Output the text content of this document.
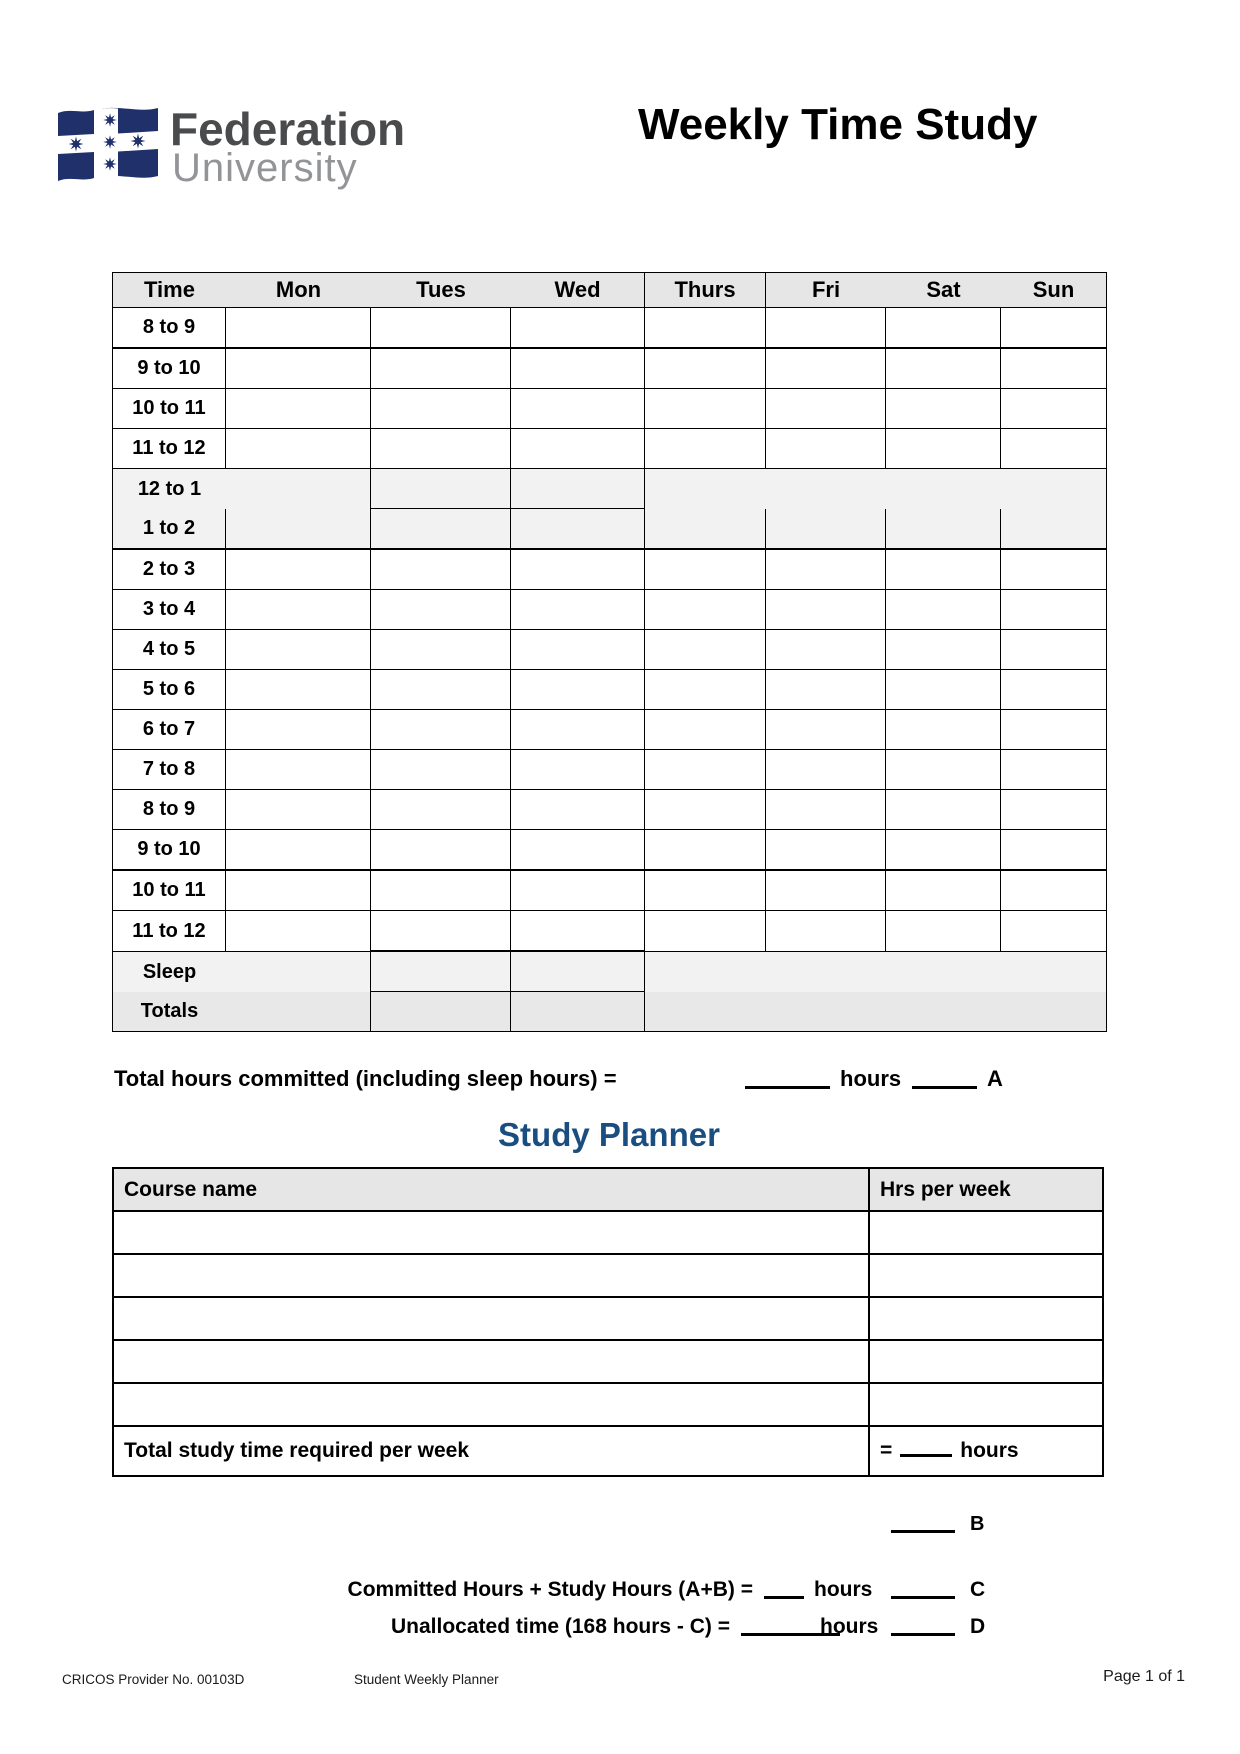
Federation
University
Weekly Time Study
Time	Mon	Tues	Wed	Thurs	Fri	Sat	Sun
8 to 9							
9 to 10							
10 to 11							
11 to 12							
12 to 1							
1 to 2							
2 to 3							
3 to 4							
4 to 5							
5 to 6							
6 to 7							
7 to 8							
8 to 9							
9 to 10							
10 to 11							
11 to 12							
Sleep							
Totals							
Total hours committed (including sleep hours) =	hours	A
Study Planner
Course name	Hrs per week

Total study time required per week	= hours
B
Committed Hours + Study Hours (A+B) =	hours	C
Unallocated time (168 hours - C) =	hours	D
CRICOS Provider No. 00103D	Student Weekly Planner	Page 1 of 1
